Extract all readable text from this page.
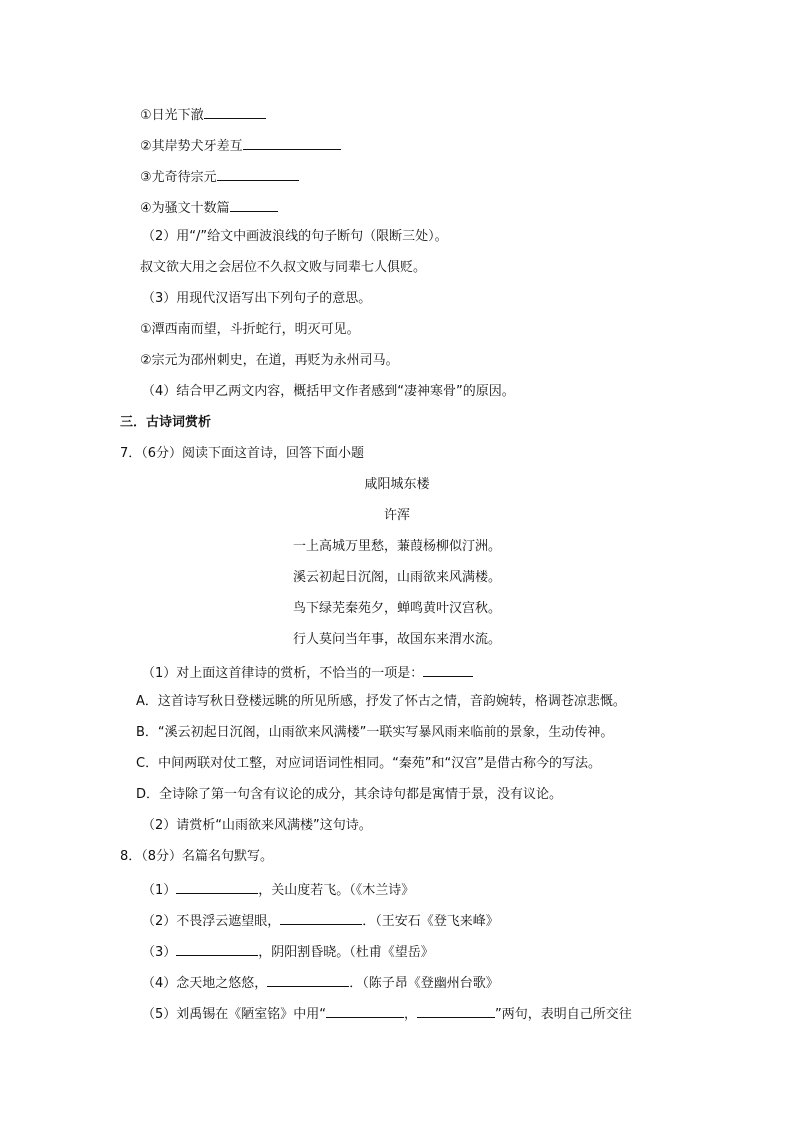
①日光下澈
②其岸势犬牙差互
③尤奇待宗元
④为骚文十数篇
（2）用“/”给文中画波浪线的句子断句（限断三处）。
叔文欲大用之会居位不久叔文败与同辈七人俱贬。
（3）用现代汉语写出下列句子的意思。
①潭西南而望，斗折蛇行，明灭可见。
②宗元为邵州刺史，在道，再贬为永州司马。
（4）结合甲乙两文内容，概括甲文作者感到“凄神寒骨”的原因。
三．古诗词赏析
7．（6分）阅读下面这首诗，回答下面小题
咸阳城东楼
许浑
一上高城万里愁，蒹葭杨柳似汀洲。
溪云初起日沉阁，山雨欲来风满楼。
鸟下绿芜秦苑夕，蝉鸣黄叶汉宫秋。
行人莫问当年事，故国东来渭水流。
（1）对上面这首律诗的赏析，不恰当的一项是：
A．这首诗写秋日登楼远眺的所见所感，抒发了怀古之情，音韵婉转，格调苍凉悲慨。
B．“溪云初起日沉阁，山雨欲来风满楼”一联实写暴风雨来临前的景象，生动传神。
C．中间两联对仗工整，对应词语词性相同。“秦苑”和“汉宫”是借古称今的写法。
D．全诗除了第一句含有议论的成分，其余诗句都是寓情于景，没有议论。
（2）请赏析“山雨欲来风满楼”这句诗。
8．（8分）名篇名句默写。
（1）	，关山度若飞。（《木兰诗》
（2）不畏浮云遮望眼，	．（王安石《登飞来峰》
（3）	，阴阳割昏晓。（杜甫《望岳》
（4）念天地之悠悠，	．（陈子昂《登幽州台歌》
（5）刘禹锡在《陋室铭》中用“	，	”两句，表明自己所交往
